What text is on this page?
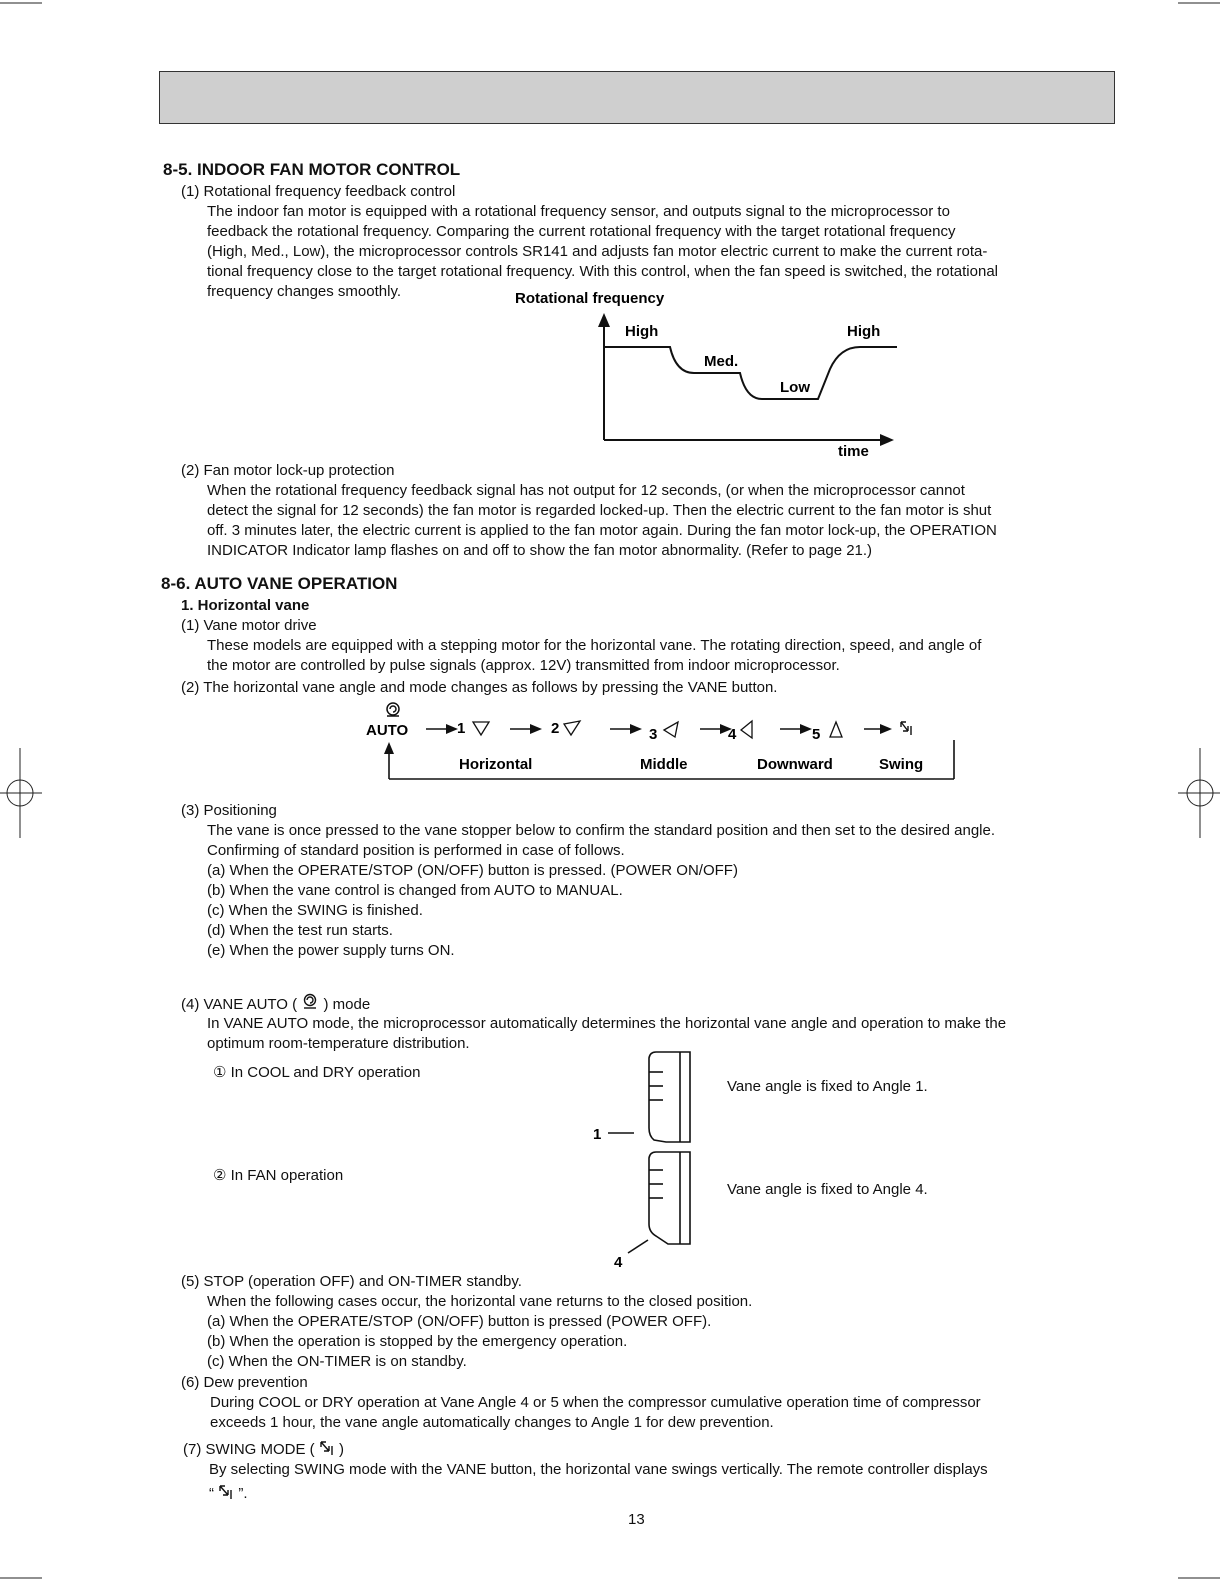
8-5. INDOOR FAN MOTOR CONTROL
(1) Rotational frequency feedback control
The indoor fan motor is equipped with a rotational frequency sensor, and outputs signal to the microprocessor to
feedback the rotational frequency. Comparing the current rotational frequency with the target rotational frequency
(High, Med., Low), the microprocessor controls SR141 and adjusts fan motor electric current to make the current rota-
tional frequency close to the target rotational frequency. With this control, when the fan speed is switched, the rotational
frequency changes smoothly.	Rotational frequency
High
Med.
Low
High
time
(2) Fan motor lock-up protection
When the rotational frequency feedback signal has not output for 12 seconds, (or when the microprocessor cannot
detect the signal for 12 seconds) the fan motor is regarded locked-up. Then the electric current to the fan motor is shut
off. 3 minutes later, the electric current is applied to the fan motor again. During the fan motor lock-up, the OPERATION
INDICATOR Indicator lamp flashes on and off to show the fan motor abnormality. (Refer to page 21.)
8-6. AUTO VANE OPERATION
1. Horizontal vane
(1) Vane motor drive
These models are equipped with a stepping motor for the horizontal vane. The rotating direction, speed, and angle of
the motor are controlled by pulse signals (approx. 12V) transmitted from indoor microprocessor.
(2) The horizontal vane angle and mode changes as follows by pressing the VANE button.
AUTO	1	2	3	4	5
Horizontal	Middle	Downward	Swing
(3) Positioning
The vane is once pressed to the vane stopper below to confirm the standard position and then set to the desired angle.
Confirming of standard position is performed in case of follows.
(a) When the OPERATE/STOP (ON/OFF) button is pressed. (POWER ON/OFF)
(b) When the vane control is changed from AUTO to MANUAL.
(c) When the SWING is finished.
(d) When the test run starts.
(e) When the power supply turns ON.
(4) VANE AUTO ( ) mode
In VANE AUTO mode, the microprocessor automatically determines the horizontal vane angle and operation to make the
optimum room-temperature distribution.
① In COOL and DRY operation
Vane angle is fixed to Angle 1.
② In FAN operation
Vane angle is fixed to Angle 4.
1
4
(5) STOP (operation OFF) and ON-TIMER standby.
When the following cases occur, the horizontal vane returns to the closed position.
(a) When the OPERATE/STOP (ON/OFF) button is pressed (POWER OFF).
(b) When the operation is stopped by the emergency operation.
(c) When the ON-TIMER is on standby.
(6) Dew prevention
During COOL or DRY operation at Vane Angle 4 or 5 when the compressor cumulative operation time of compressor
exceeds 1 hour, the vane angle automatically changes to Angle 1 for dew prevention.
(7) SWING MODE ( )
By selecting SWING mode with the VANE button, the horizontal vane swings vertically. The remote controller displays
“ ”.
13
